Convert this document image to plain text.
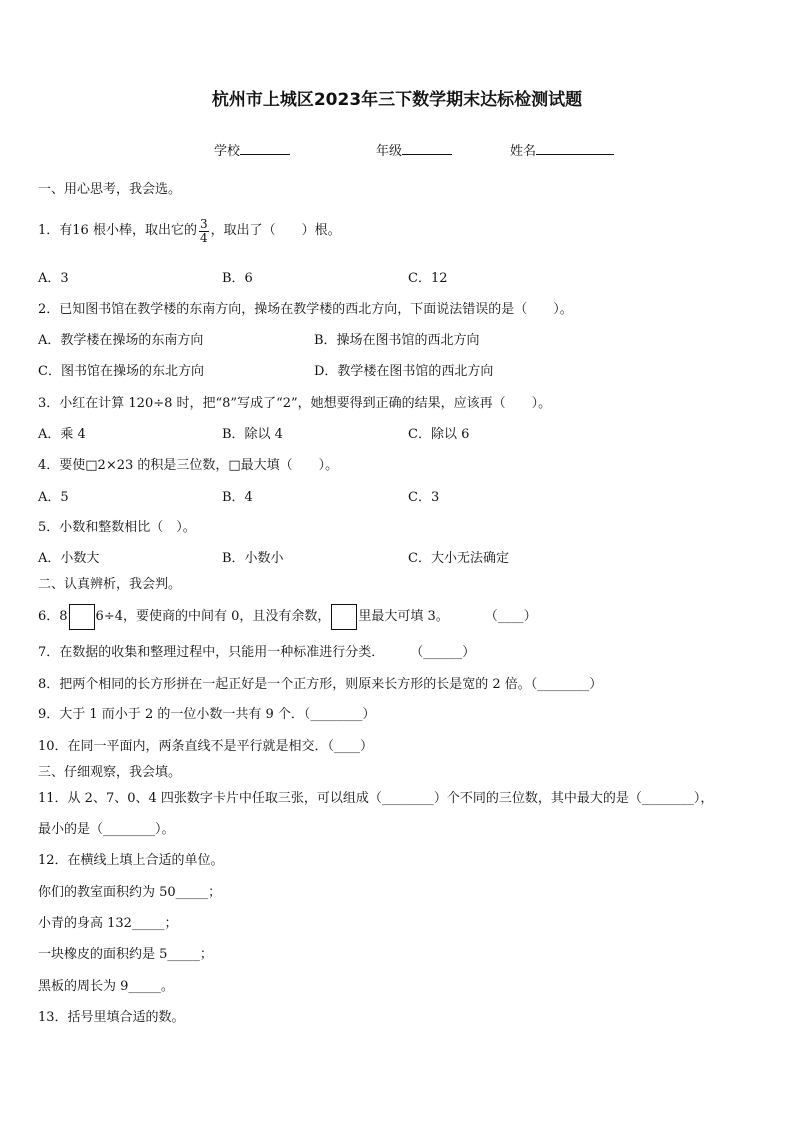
杭州市上城区2023年三下数学期末达标检测试题
学校	年级	姓名
一、用心思考，我会选。
1．有16 根小棒，取出它的 $\frac{3}{4}$ ，取出了（　　）根。
A．3	B．6	C．12
2．已知图书馆在教学楼的东南方向，操场在教学楼的西北方向，下面说法错误的是（　　）。
A．教学楼在操场的东南方向	B．操场在图书馆的西北方向
C．图书馆在操场的东北方向	D．教学楼在图书馆的西北方向
3．小红在计算 120÷8 时，把“8”写成了“2”，她想要得到正确的结果，应该再（　　）。
A．乘 4	B．除以 4	C．除以 6
4．要使□2×23 的积是三位数，□最大填（　　）。
A．5	B．4	C．3
5．小数和整数相比（　）。
A．小数大	B．小数小	C．大小无法确定
二、认真辨析，我会判。
6．8 6÷4，要使商的中间有 0，且没有余数， 里最大可填 3。	（____）
7．在数据的收集和整理过程中，只能用一种标准进行分类．　　　（______）
8．把两个相同的长方形拼在一起正好是一个正方形，则原来长方形的长是宽的 2 倍。（________）
9．大于 1 而小于 2 的一位小数一共有 9 个．（________）
10．在同一平面内，两条直线不是平行就是相交．（____）
三、仔细观察，我会填。
11．从 2、7、0、4 四张数字卡片中任取三张，可以组成（________）个不同的三位数，其中最大的是（________），
最小的是（________）。
12．在横线上填上合适的单位。
你们的教室面积约为 50_____；
小青的身高 132_____；
一块橡皮的面积约是 5_____；
黑板的周长为 9_____。
13．括号里填合适的数。
